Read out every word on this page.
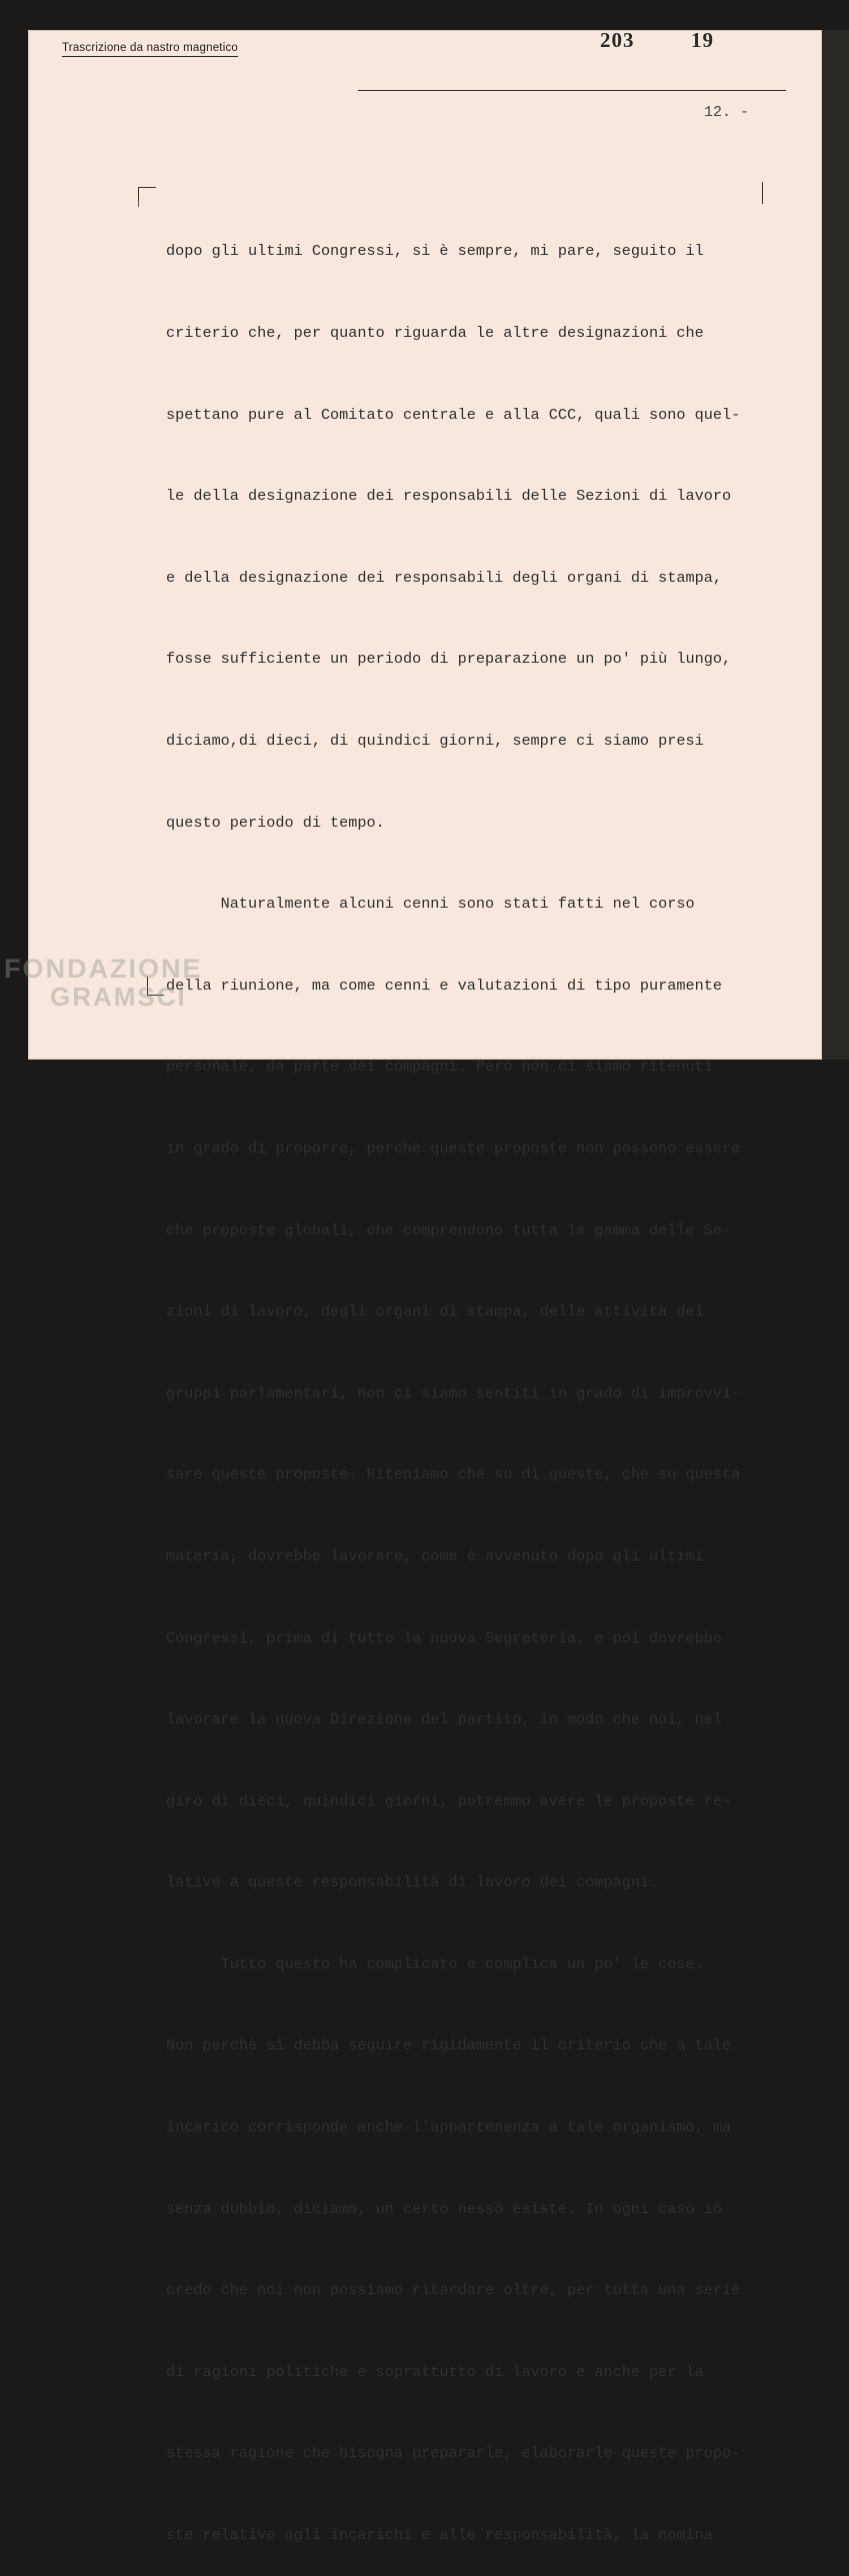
Trascrizione da nastro magnetico	203	19
12. -

dopo gli ultimi Congressi, si è sempre, mi pare, seguito il

criterio che, per quanto riguarda le altre designazioni che

spettano pure al Comitato centrale e alla CCC, quali sono quel-

le della designazione dei responsabili delle Sezioni di lavoro

e della designazione dei responsabili degli organi di stampa,

fosse sufficiente un periodo di preparazione un po' più lungo,

diciamo,di dieci, di quindici giorni, sempre ci siamo presi

questo periodo di tempo.

Naturalmente alcuni cenni sono stati fatti nel corso

della riunione, ma come cenni e valutazioni di tipo puramente

personale, da parte dei compagni. Però non ci siamo ritenuti

in grado di proporre, perchè queste proposte non possono essere

che proposte globali, che comprendono tutta la gamma delle Se-

zioni di lavoro, degli organi di stampa, delle attività dei

gruppi parlamentari, non ci siamo sentiti in grado di improvvi-

sare queste proposte. Riteniamo che su di queste, che su questa

materia, dovrebbe lavorare, come è avvenuto dopo gli ultimi

Congressi, prima di tutto la nuova Segreteria, e poi dovrebbe

lavorare la nuova Direzione del partito, in modo che noi, nel

giro di dieci, quindici giorni, potremmo avere le proposte re-

lative a queste responsabilità di lavoro dei compagni.

Tutto questo ha complicato e complica un po' le cose.

Non perchè si debba seguire rigidamente il criterio che a tale

incarico corrisponde anche l'appartenenza a tale organismo, ma

senza dubbio, diciamo, un certo nesso esiste. In ogni caso io

credo che noi non possiamo ritardare oltre, per tutta una serie

di ragioni politiche e soprattutto di lavoro e anche per la

stessa ragione che bisogna prepararle, elaborarle queste propo-

ste relative agli incarichi e alle responsabilità, la nomina

FONDAZIONE
GRAMSCI
